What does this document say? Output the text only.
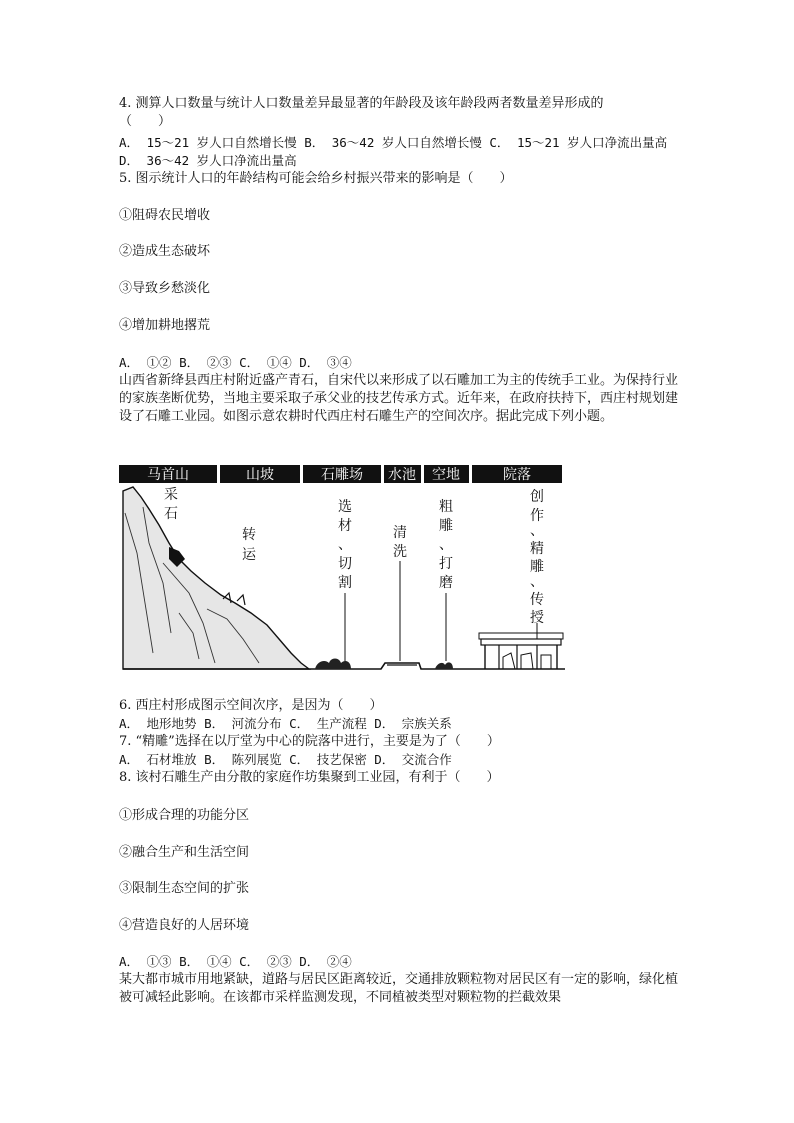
4. 测算人口数量与统计人口数量差异最显著的年龄段及该年龄段两者数量差异形成的
（　　）
A． 15～21 岁人口自然增长慢 B． 36～42 岁人口自然增长慢 C． 15～21 岁人口净流出量高 D． 36～42 岁人口净流出量高
5. 图示统计人口的年龄结构可能会给乡村振兴带来的影响是（　　）
①阻碍农民增收
②造成生态破坏
③导致乡愁淡化
④增加耕地撂荒
A． ①② B． ②③ C． ①④ D． ③④
山西省新绛县西庄村附近盛产青石，自宋代以来形成了以石雕加工为主的传统手工业。为保持行业的家族垄断优势，当地主要采取子承父业的技艺传承方式。近年来，在政府扶持下，西庄村规划建设了石雕工业园。如图示意农耕时代西庄村石雕生产的空间次序。据此完成下列小题。
马首山	山坡	石雕场 水池 空地	院落
采
石
转
运
选
材
、
切
割
清
洗
粗
雕
、
打
磨
创
作
、
精
雕
、
传
授
6. 西庄村形成图示空间次序，是因为（　　）
A． 地形地势 B． 河流分布 C． 生产流程 D． 宗族关系
7. “精雕”选择在以厅堂为中心的院落中进行，主要是为了（　　）
A． 石材堆放 B． 陈列展览 C． 技艺保密 D． 交流合作
8. 该村石雕生产由分散的家庭作坊集聚到工业园，有利于（　　）
①形成合理的功能分区
②融合生产和生活空间
③限制生态空间的扩张
④营造良好的人居环境
A． ①③ B． ①④ C． ②③ D． ②④
某大都市城市用地紧缺，道路与居民区距离较近，交通排放颗粒物对居民区有一定的影响，绿化植被可减轻此影响。在该都市采样监测发现，不同植被类型对颗粒物的拦截效果
